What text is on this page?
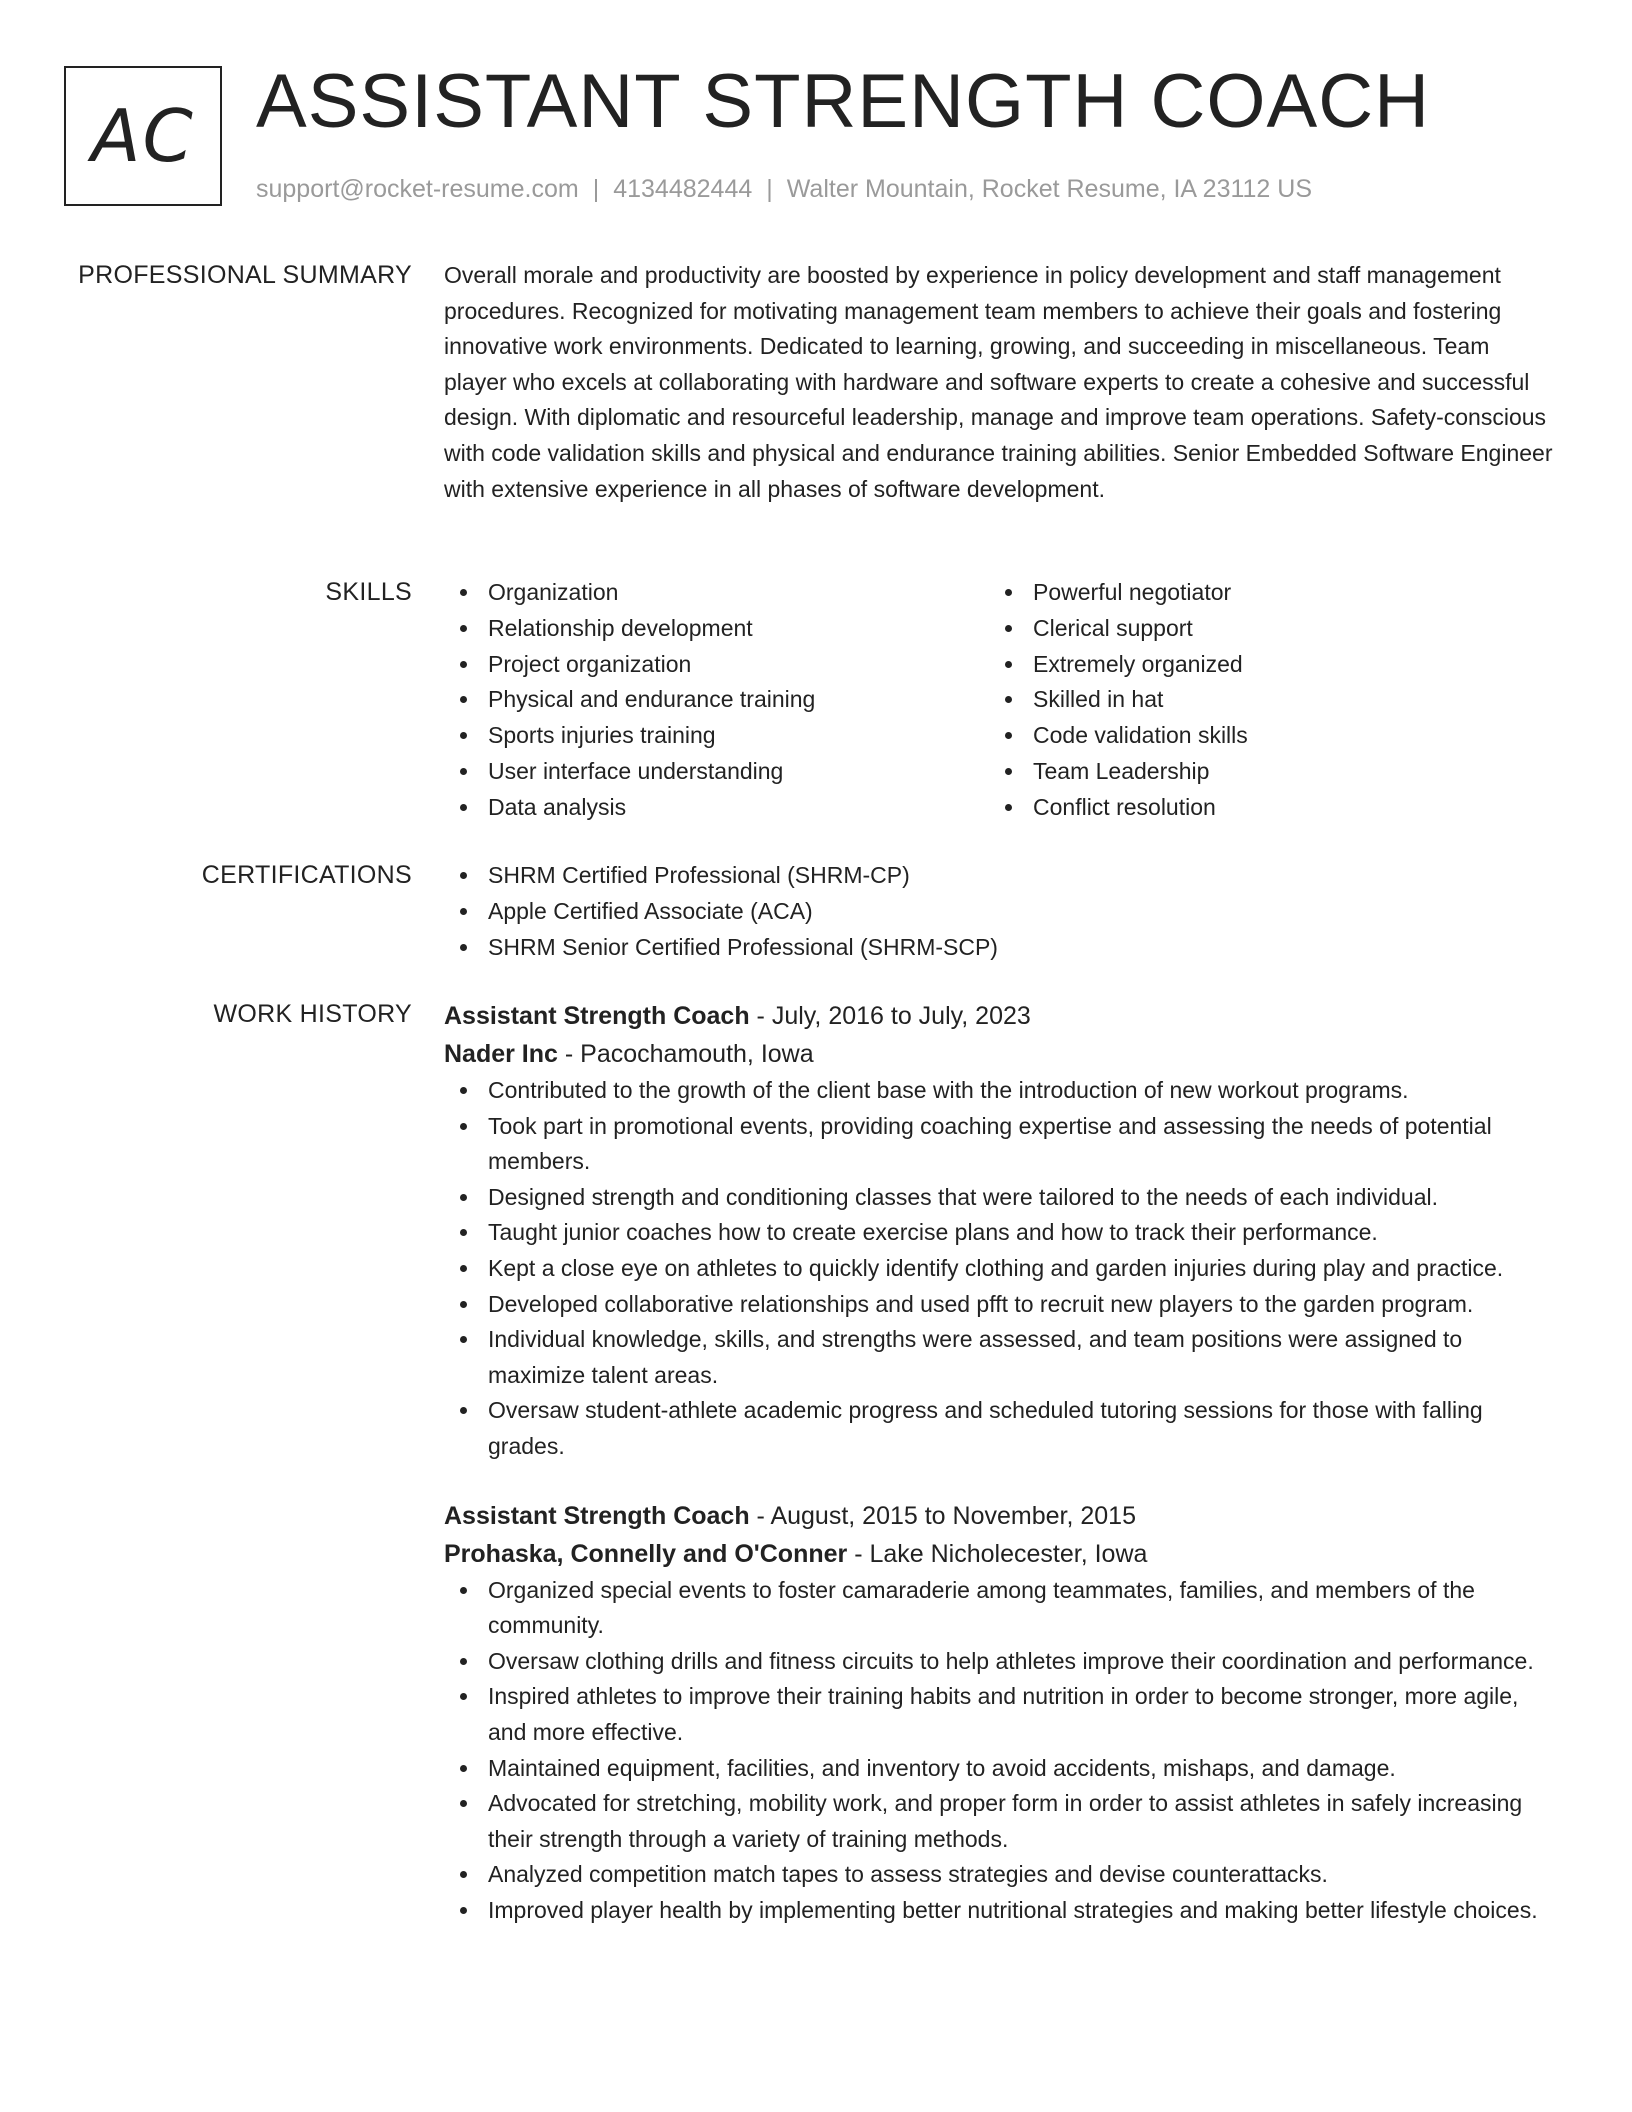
AC ASSISTANT STRENGTH COACH
support@rocket-resume.com | 4134482444 | Walter Mountain, Rocket Resume, IA 23112 US
PROFESSIONAL SUMMARY Overall morale and productivity are boosted by experience in policy development and staff management procedures. Recognized for motivating management team members to achieve their goals and fostering innovative work environments. Dedicated to learning, growing, and succeeding in miscellaneous. Team player who excels at collaborating with hardware and software experts to create a cohesive and successful design. With diplomatic and resourceful leadership, manage and improve team operations. Safety-conscious with code validation skills and physical and endurance training abilities. Senior Embedded Software Engineer with extensive experience in all phases of software development.

SKILLS	Organization
Relationship development
Project organization
Physical and endurance training
Sports injuries training
User interface understanding
Data analysis
Powerful negotiator
Clerical support
Extremely organized
Skilled in hat
Code validation skills
Team Leadership
Conflict resolution
CERTIFICATIONS	SHRM Certified Professional (SHRM-CP)
Apple Certified Associate (ACA)
SHRM Senior Certified Professional (SHRM-SCP)
WORK HISTORY Assistant Strength Coach - July, 2016 to July, 2023
Nader Inc - Pacochamouth, Iowa
Contributed to the growth of the client base with the introduction of new workout programs.
Took part in promotional events, providing coaching expertise and assessing the needs of potential members.
Designed strength and conditioning classes that were tailored to the needs of each individual.
Taught junior coaches how to create exercise plans and how to track their performance.
Kept a close eye on athletes to quickly identify clothing and garden injuries during play and practice.
Developed collaborative relationships and used pfft to recruit new players to the garden program.
Individual knowledge, skills, and strengths were assessed, and team positions were assigned to maximize talent areas.
Oversaw student-athlete academic progress and scheduled tutoring sessions for those with falling grades.
Assistant Strength Coach - August, 2015 to November, 2015
Prohaska, Connelly and O'Conner - Lake Nicholecester, Iowa
Organized special events to foster camaraderie among teammates, families, and members of the community.
Oversaw clothing drills and fitness circuits to help athletes improve their coordination and performance.
Inspired athletes to improve their training habits and nutrition in order to become stronger, more agile, and more effective.
Maintained equipment, facilities, and inventory to avoid accidents, mishaps, and damage.
Advocated for stretching, mobility work, and proper form in order to assist athletes in safely increasing their strength through a variety of training methods.
Analyzed competition match tapes to assess strategies and devise counterattacks.
Improved player health by implementing better nutritional strategies and making better lifestyle choices.
